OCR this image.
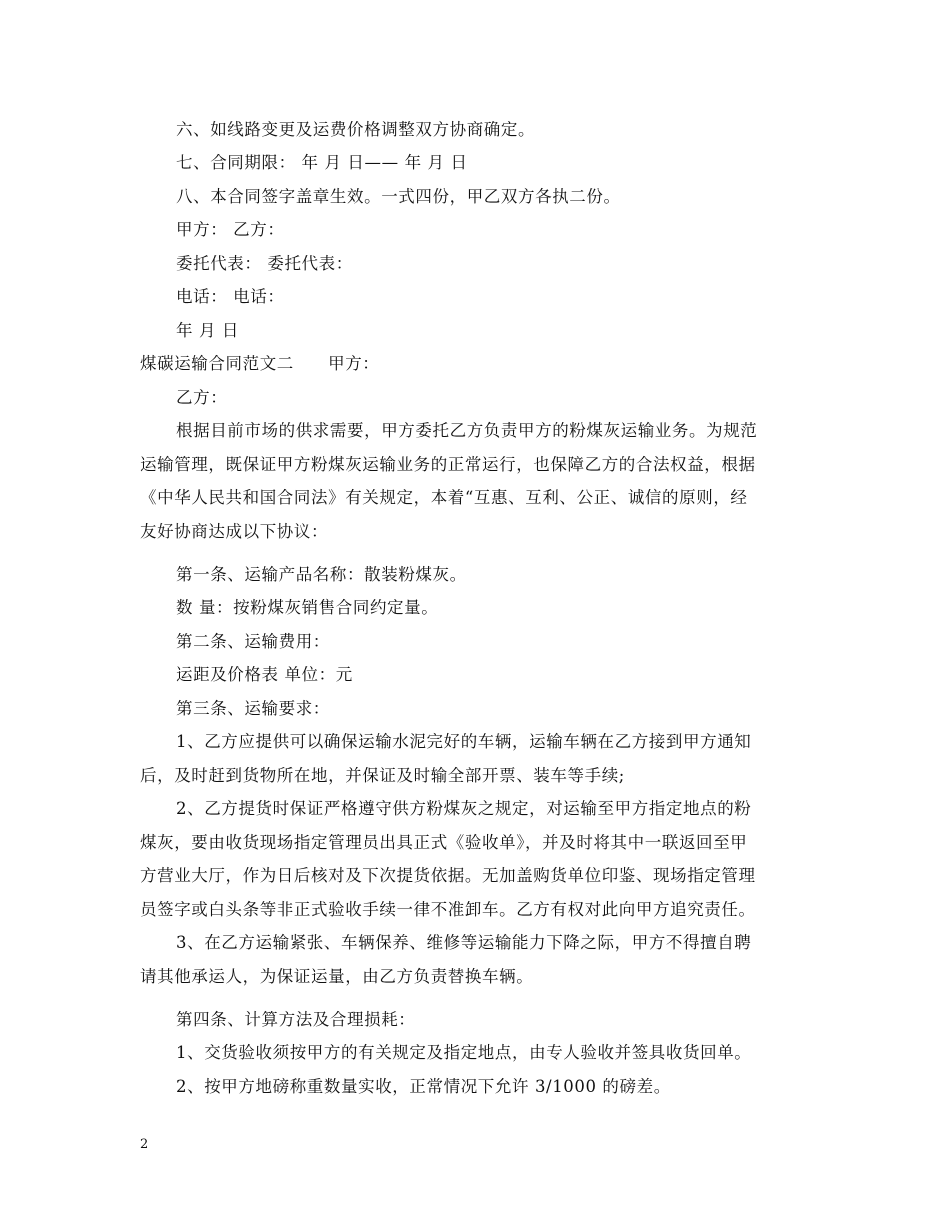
六、如线路变更及运费价格调整双方协商确定。
七、合同期限： 年 月 日—— 年 月 日
八、本合同签字盖章生效。一式四份，甲乙双方各执二份。
甲方： 乙方：
委托代表： 委托代表：
电话： 电话：
年 月 日
煤碳运输合同范文二　　甲方：
乙方：
根据目前市场的供求需要，甲方委托乙方负责甲方的粉煤灰运输业务。为规范
运输管理，既保证甲方粉煤灰运输业务的正常运行，也保障乙方的合法权益，根据
《中华人民共和国合同法》有关规定，本着“互惠、互利、公正、诚信的原则，经
友好协商达成以下协议：
第一条、运输产品名称：散装粉煤灰。
数 量：按粉煤灰销售合同约定量。
第二条、运输费用：
运距及价格表 单位：元
第三条、运输要求：
1、乙方应提供可以确保运输水泥完好的车辆，运输车辆在乙方接到甲方通知
后，及时赶到货物所在地，并保证及时输全部开票、装车等手续;
2、乙方提货时保证严格遵守供方粉煤灰之规定，对运输至甲方指定地点的粉
煤灰，要由收货现场指定管理员出具正式《验收单》，并及时将其中一联返回至甲
方营业大厅，作为日后核对及下次提货依据。无加盖购货单位印鉴、现场指定管理
员签字或白头条等非正式验收手续一律不准卸车。乙方有权对此向甲方追究责任。
3、在乙方运输紧张、车辆保养、维修等运输能力下降之际，甲方不得擅自聘
请其他承运人，为保证运量，由乙方负责替换车辆。
第四条、计算方法及合理损耗：
1、交货验收须按甲方的有关规定及指定地点，由专人验收并签具收货回单。
2、按甲方地磅称重数量实收，正常情况下允许 3/1000 的磅差。
2
